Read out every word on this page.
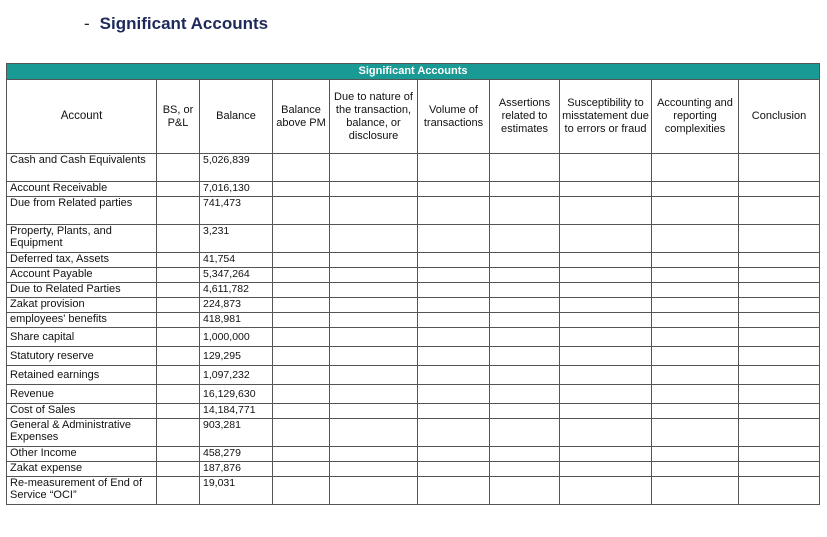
- Significant Accounts
Significant Accounts									
Account	BS, or P&L	Balance	Balance above PM	Due to nature of the transaction, balance, or disclosure	Volume of transactions	Assertions related to estimates	Susceptibility to misstatement due to errors or fraud	Accounting and reporting complexities	Conclusion
Cash and Cash Equivalents		5,026,839							
Account Receivable		7,016,130							
Due from Related parties		741,473							
Property, Plants, and Equipment		3,231							
Deferred tax, Assets		41,754							
Account Payable		5,347,264							
Due to Related Parties		4,611,782							
Zakat provision		224,873							
employees' benefits		418,981							
Share capital		1,000,000							
Statutory reserve		129,295							
Retained earnings		1,097,232							
Revenue		16,129,630							
Cost of Sales		14,184,771							
General & Administrative Expenses		903,281							
Other Income		458,279							
Zakat expense		187,876							
Re-measurement of End of Service “OCI”		19,031							
